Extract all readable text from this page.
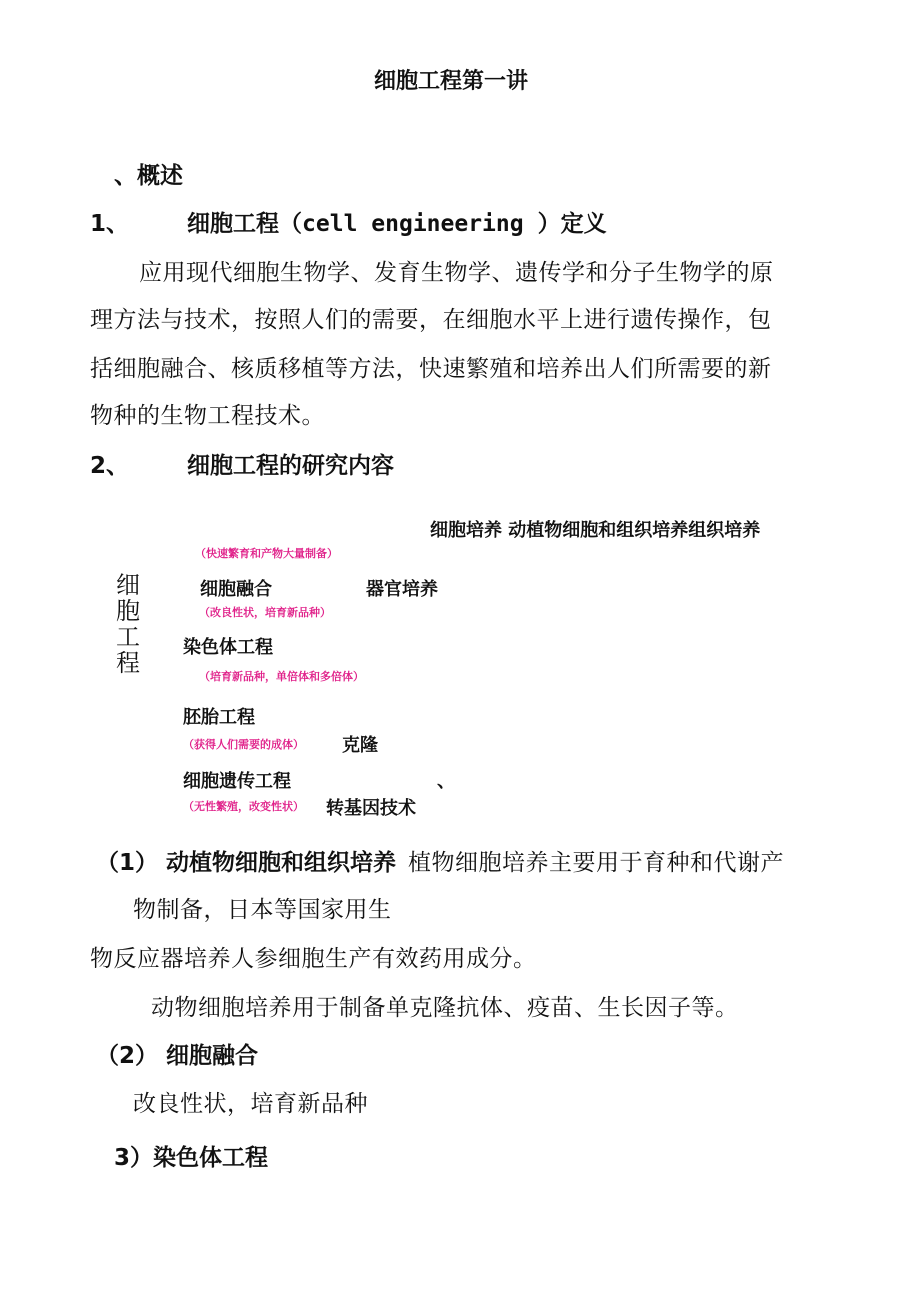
细胞工程第一讲
、概述
1、	细胞工程（cell engineering ）定义
应用现代细胞生物学、发育生物学、遗传学和分子生物学的原
理方法与技术，按照人们的需要，在细胞水平上进行遗传操作，包
括细胞融合、核质移植等方法，快速繁殖和培养出人们所需要的新
物种的生物工程技术。
2、	细胞工程的研究内容
细胞工程
细胞培养 动植物细胞和组织培养组织培养
（快速繁育和产物大量制备）
细胞融合	器官培养
（改良性状，培育新品种）
染色体工程
（培育新品种，单倍体和多倍体）
胚胎工程
（获得人们需要的成体） 克隆
细胞遗传工程	、
（无性繁殖，改变性状） 转基因技术
（1） 动植物细胞和组织培养 植物细胞培养主要用于育种和代谢产
物制备，日本等国家用生
物反应器培养人参细胞生产有效药用成分。
动物细胞培养用于制备单克隆抗体、疫苗、生长因子等。
（2） 细胞融合
改良性状，培育新品种
3）染色体工程
